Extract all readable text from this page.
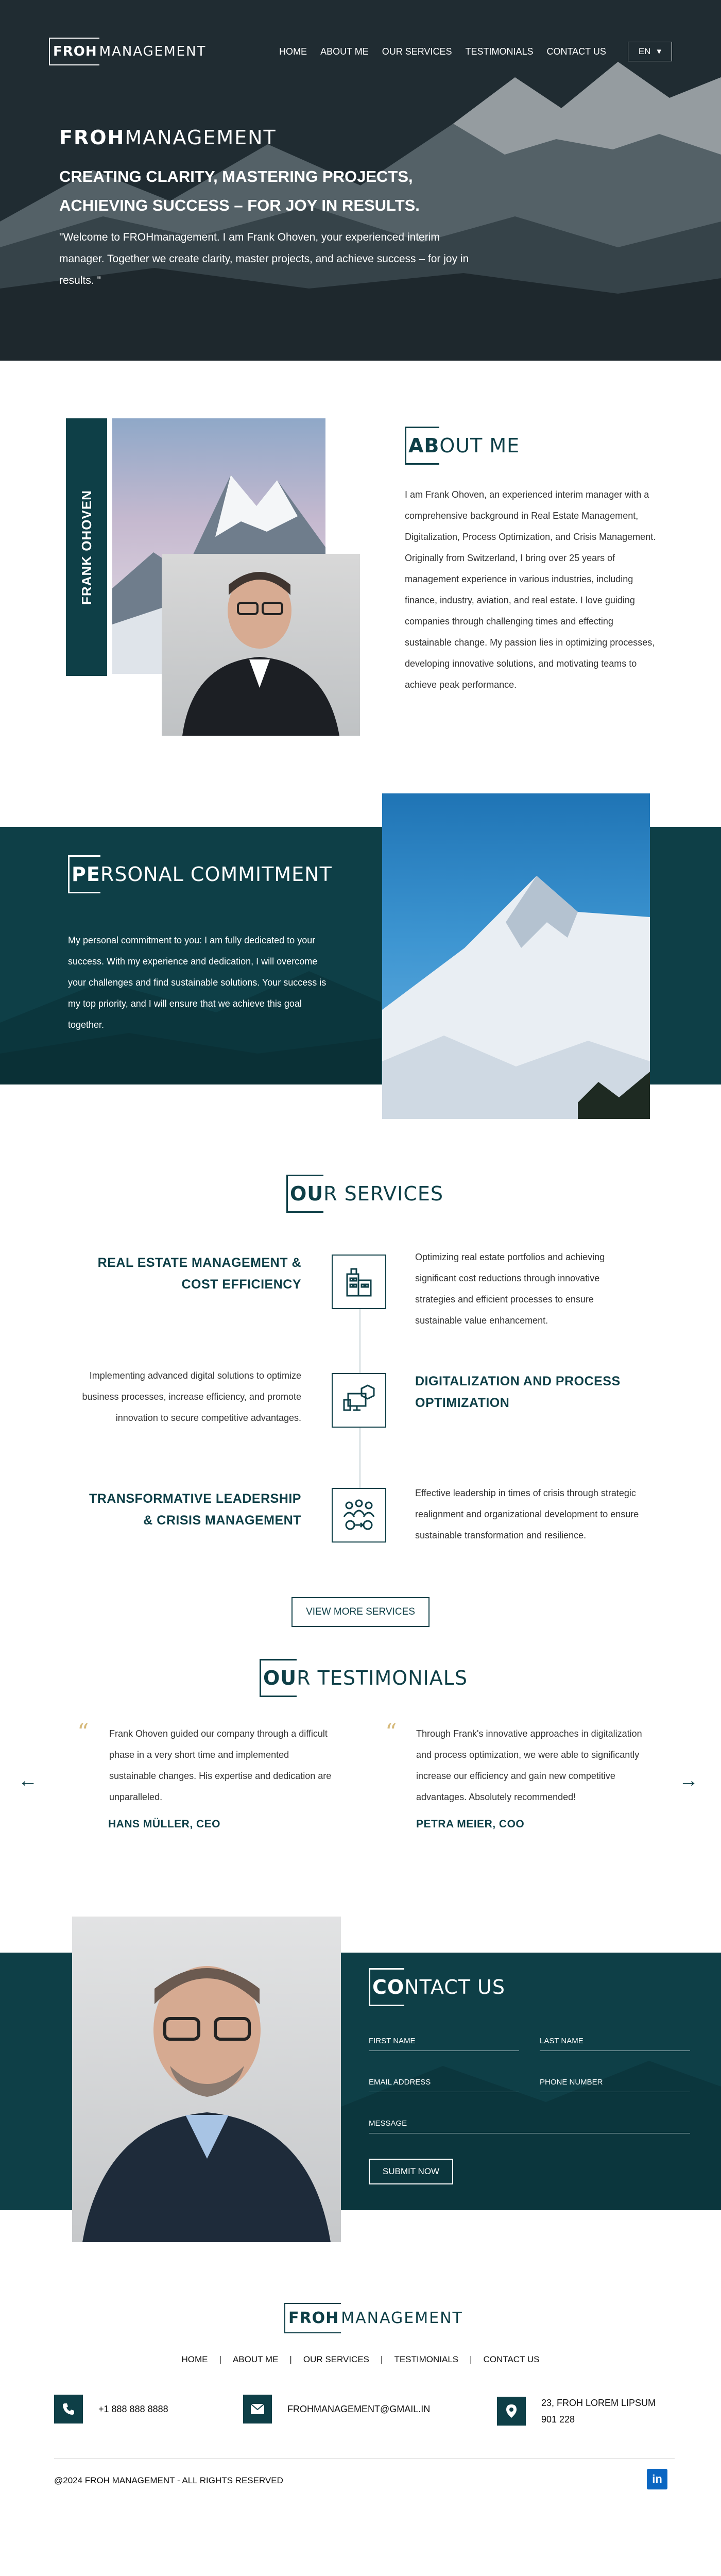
FROH MANAGEMENT	HOME ABOUT ME OUR SERVICES TESTIMONIALS CONTACT US	EN ▾
FROHMANAGEMENT
CREATING CLARITY, MASTERING PROJECTS, ACHIEVING SUCCESS – FOR JOY IN RESULTS.

"Welcome to FROHmanagement. I am Frank Ohoven, your experienced interim manager. Together we create clarity, master projects, and achieve success – for joy in results. "

FRANK OHOVEN
AB OUT ME

I am Frank Ohoven, an experienced interim manager with a comprehensive background in Real Estate Management, Digitalization, Process Optimization, and Crisis Management. Originally from Switzerland, I bring over 25 years of management experience in various industries, including finance, industry, aviation, and real estate. I love guiding companies through challenging times and effecting sustainable change. My passion lies in optimizing processes, developing innovative solutions, and motivating teams to achieve peak performance.

PE RSONAL COMMITMENT

My personal commitment to you: I am fully dedicated to your success. With my experience and dedication, I will overcome your challenges and find sustainable solutions. Your success is my top priority, and I will ensure that we achieve this goal together.

OU R SERVICES
REAL ESTATE MANAGEMENT & COST EFFICIENCY
Optimizing real estate portfolios and achieving significant cost reductions through innovative strategies and efficient processes to ensure sustainable value enhancement.
Implementing advanced digital solutions to optimize business processes, increase efficiency, and promote innovation to secure competitive advantages.
DIGITALIZATION AND PROCESS OPTIMIZATION
TRANSFORMATIVE LEADERSHIP & CRISIS MANAGEMENT
Effective leadership in times of crisis through strategic realignment and organizational development to ensure sustainable transformation and resilience.
VIEW MORE SERVICES
OU R TESTIMONIALS
←	→
“	Frank Ohoven guided our company through a difficult phase in a very short time and implemented sustainable changes. His expertise and dedication are unparalleled.

HANS MÜLLER, CEO
“	Through Frank's innovative approaches in digitalization and process optimization, we were able to significantly increase our efficiency and gain new competitive advantages. Absolutely recommended!

PETRA MEIER, COO
CO NTACT US
FIRST NAME	LAST NAME
EMAIL ADDRESS	PHONE NUMBER
MESSAGE
SUBMIT NOW
FROH MANAGEMENT
HOME | ABOUT ME | OUR SERVICES | TESTIMONIALS | CONTACT US
+1 888 888 8888	FROHMANAGEMENT@GMAIL.IN
23, FROH LOREM LIPSUM
901 228
@2024 FROH MANAGEMENT - ALL RIGHTS RESERVED	in
